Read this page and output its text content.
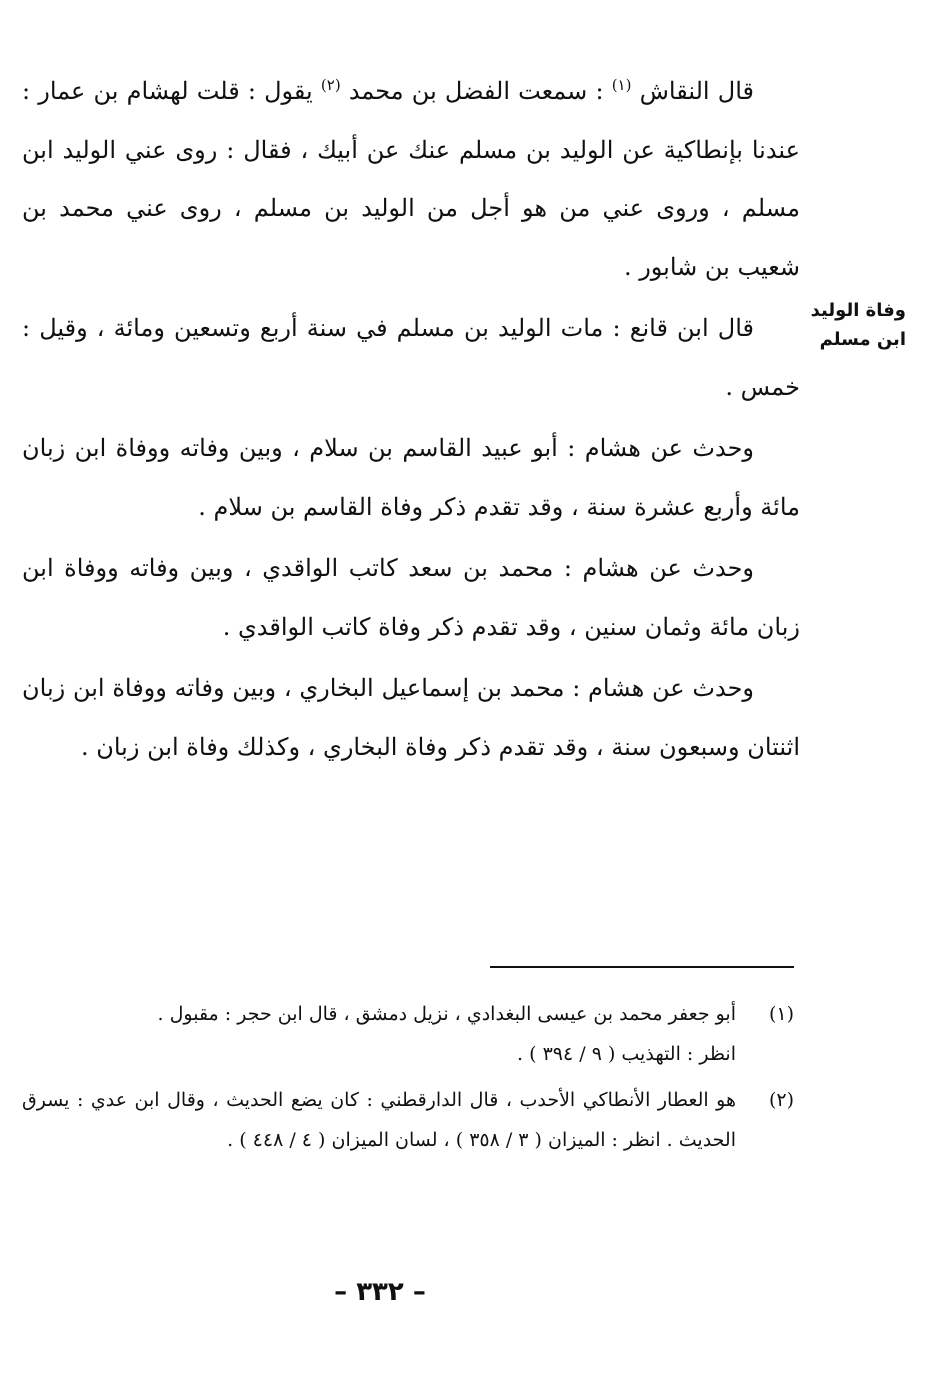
قال النقاش $^{(١)}$ : سمعت الفضل بن محمد $^{(٢)}$ يقول : قلت لهشام بن عمار : عندنا بإنطاكية عن الوليد بن مسلم عنك عن أبيك ، فقال : روى عني الوليد ابن مسلم ، وروى عني من هو أجل من الوليد بن مسلم ، روى عني محمد بن شعيب بن شابور .

قال ابن قانع : مات الوليد بن مسلم في سنة أربع وتسعين ومائة ، وقيل : خمس .

وحدث عن هشام : أبو عبيد القاسم بن سلام ، وبين وفاته ووفاة ابن زبان مائة وأربع عشرة سنة ، وقد تقدم ذكر وفاة القاسم بن سلام .

وحدث عن هشام : محمد بن سعد كاتب الواقدي ، وبين وفاته ووفاة ابن زبان مائة وثمان سنين ، وقد تقدم ذكر وفاة كاتب الواقدي .

وحدث عن هشام : محمد بن إسماعيل البخاري ، وبين وفاته ووفاة ابن زبان اثنتان وسبعون سنة ، وقد تقدم ذكر وفاة البخاري ، وكذلك وفاة ابن زبان .

وفاة الوليد
ابن مسلم
(١)
أبو جعفر محمد بن عيسى البغدادي ، نزيل دمشق ، قال ابن حجر : مقبول .
انظر : التهذيب ( ٩ / ٣٩٤ ) .
(٢)
هو العطار الأنطاكي الأحدب ، قال الدارقطني : كان يضع الحديث ، وقال ابن عدي : يسرق الحديث . انظر : الميزان ( ٣ / ٣٥٨ ) ، لسان الميزان ( ٤ / ٤٤٨ ) .
– ٣٣٢ –
